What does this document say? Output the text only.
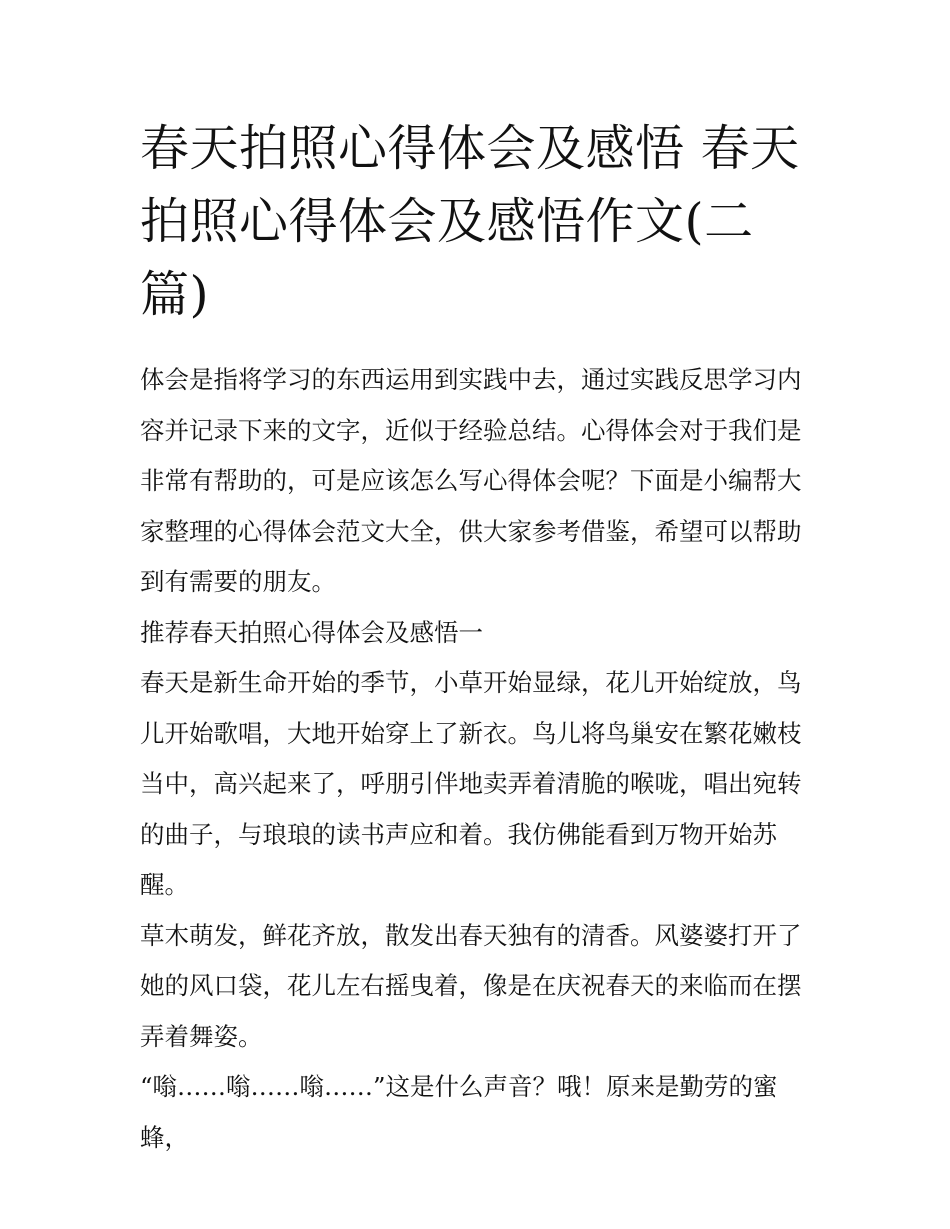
春天拍照心得体会及感悟 春天拍照心得体会及感悟作文(二篇)

体会是指将学习的东西运用到实践中去，通过实践反思学习内容并记录下来的文字，近似于经验总结。心得体会对于我们是非常有帮助的，可是应该怎么写心得体会呢？下面是小编帮大家整理的心得体会范文大全，供大家参考借鉴，希望可以帮助到有需要的朋友。

推荐春天拍照心得体会及感悟一

春天是新生命开始的季节，小草开始显绿，花儿开始绽放，鸟儿开始歌唱，大地开始穿上了新衣。鸟儿将鸟巢安在繁花嫩枝当中，高兴起来了，呼朋引伴地卖弄着清脆的喉咙，唱出宛转的曲子，与琅琅的读书声应和着。我仿佛能看到万物开始苏醒。

草木萌发，鲜花齐放，散发出春天独有的清香。风婆婆打开了她的风口袋，花儿左右摇曳着，像是在庆祝春天的来临而在摆弄着舞姿。

“嗡……嗡……嗡……”这是什么声音？哦！原来是勤劳的蜜蜂，
